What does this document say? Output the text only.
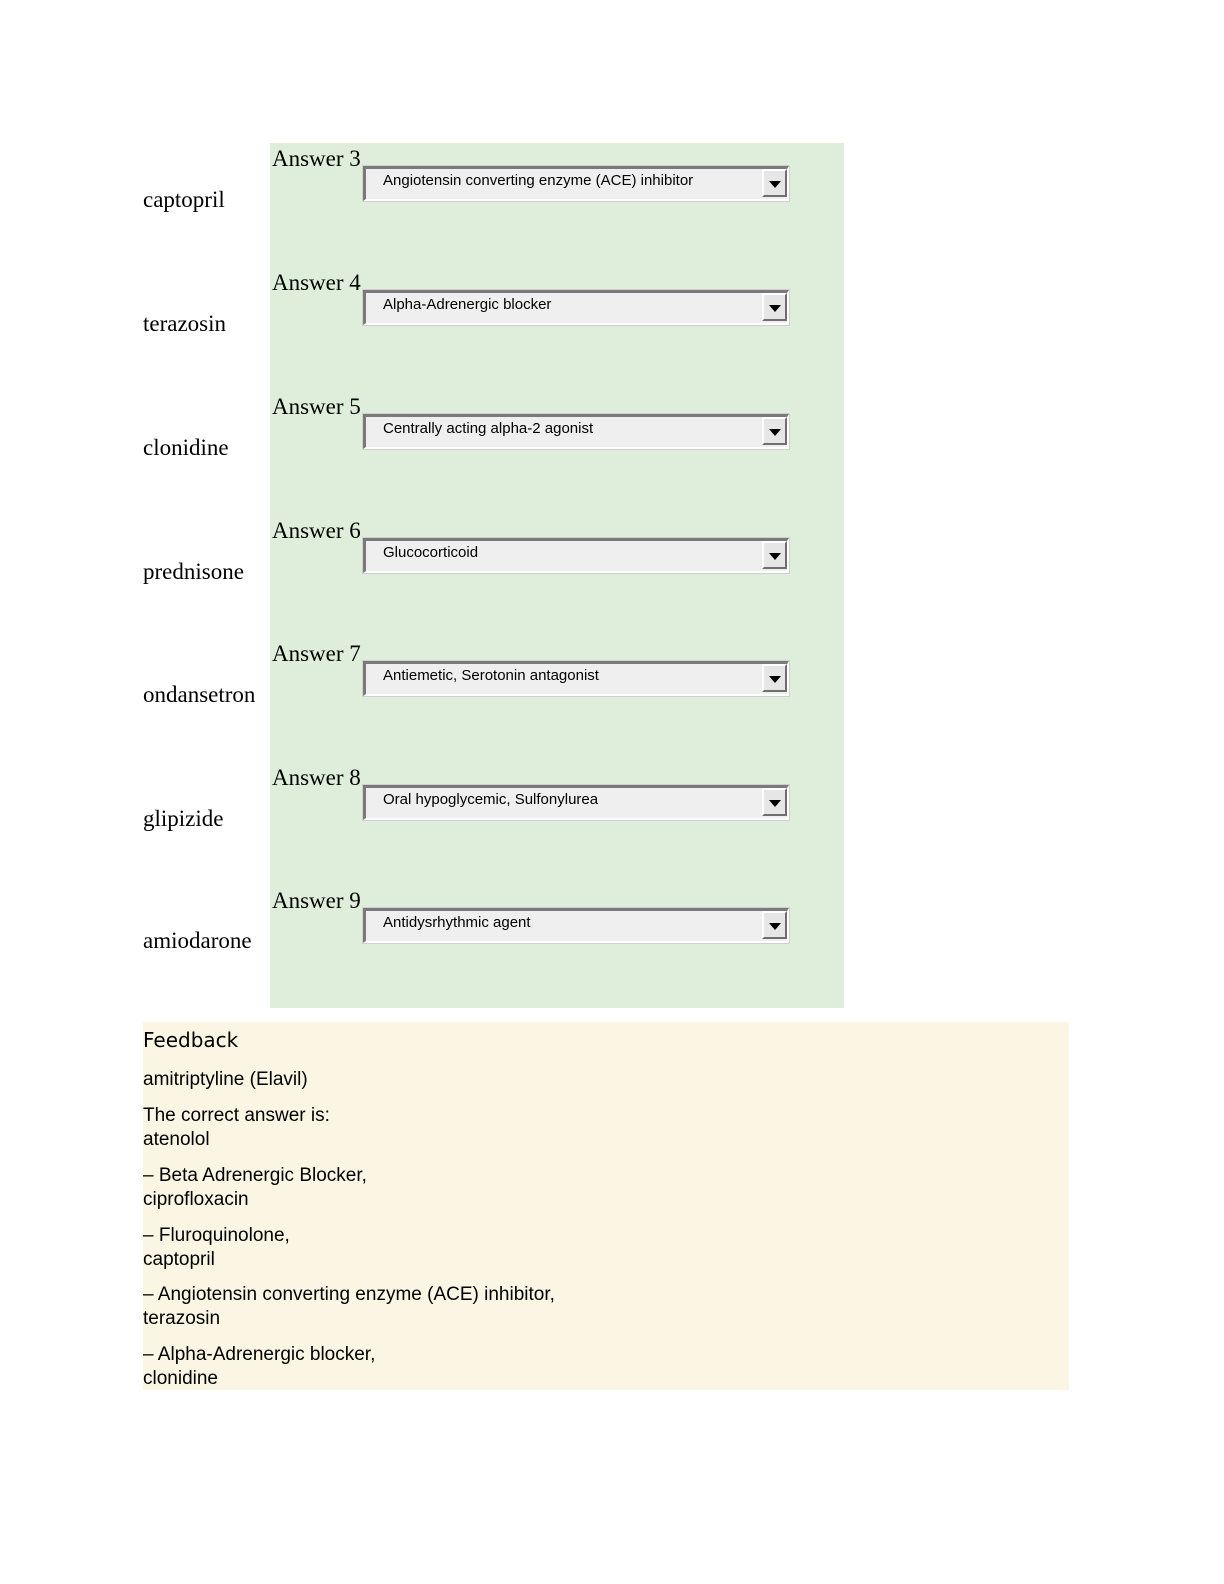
Answer 3
captopril
Angiotensin converting enzyme (ACE) inhibitor
Answer 4
terazosin
Alpha-Adrenergic blocker
Answer 5
clonidine
Centrally acting alpha-2 agonist
Answer 6
prednisone
Glucocorticoid
Answer 7
ondansetron
Antiemetic, Serotonin antagonist
Answer 8
glipizide
Oral hypoglycemic, Sulfonylurea
Answer 9
amiodarone
Antidysrhythmic agent
Feedback
amitriptyline (Elavil)
The correct answer is:
atenolol
– Beta Adrenergic Blocker,
ciprofloxacin
– Fluroquinolone,
captopril
– Angiotensin converting enzyme (ACE) inhibitor,
terazosin
– Alpha-Adrenergic blocker,
clonidine
